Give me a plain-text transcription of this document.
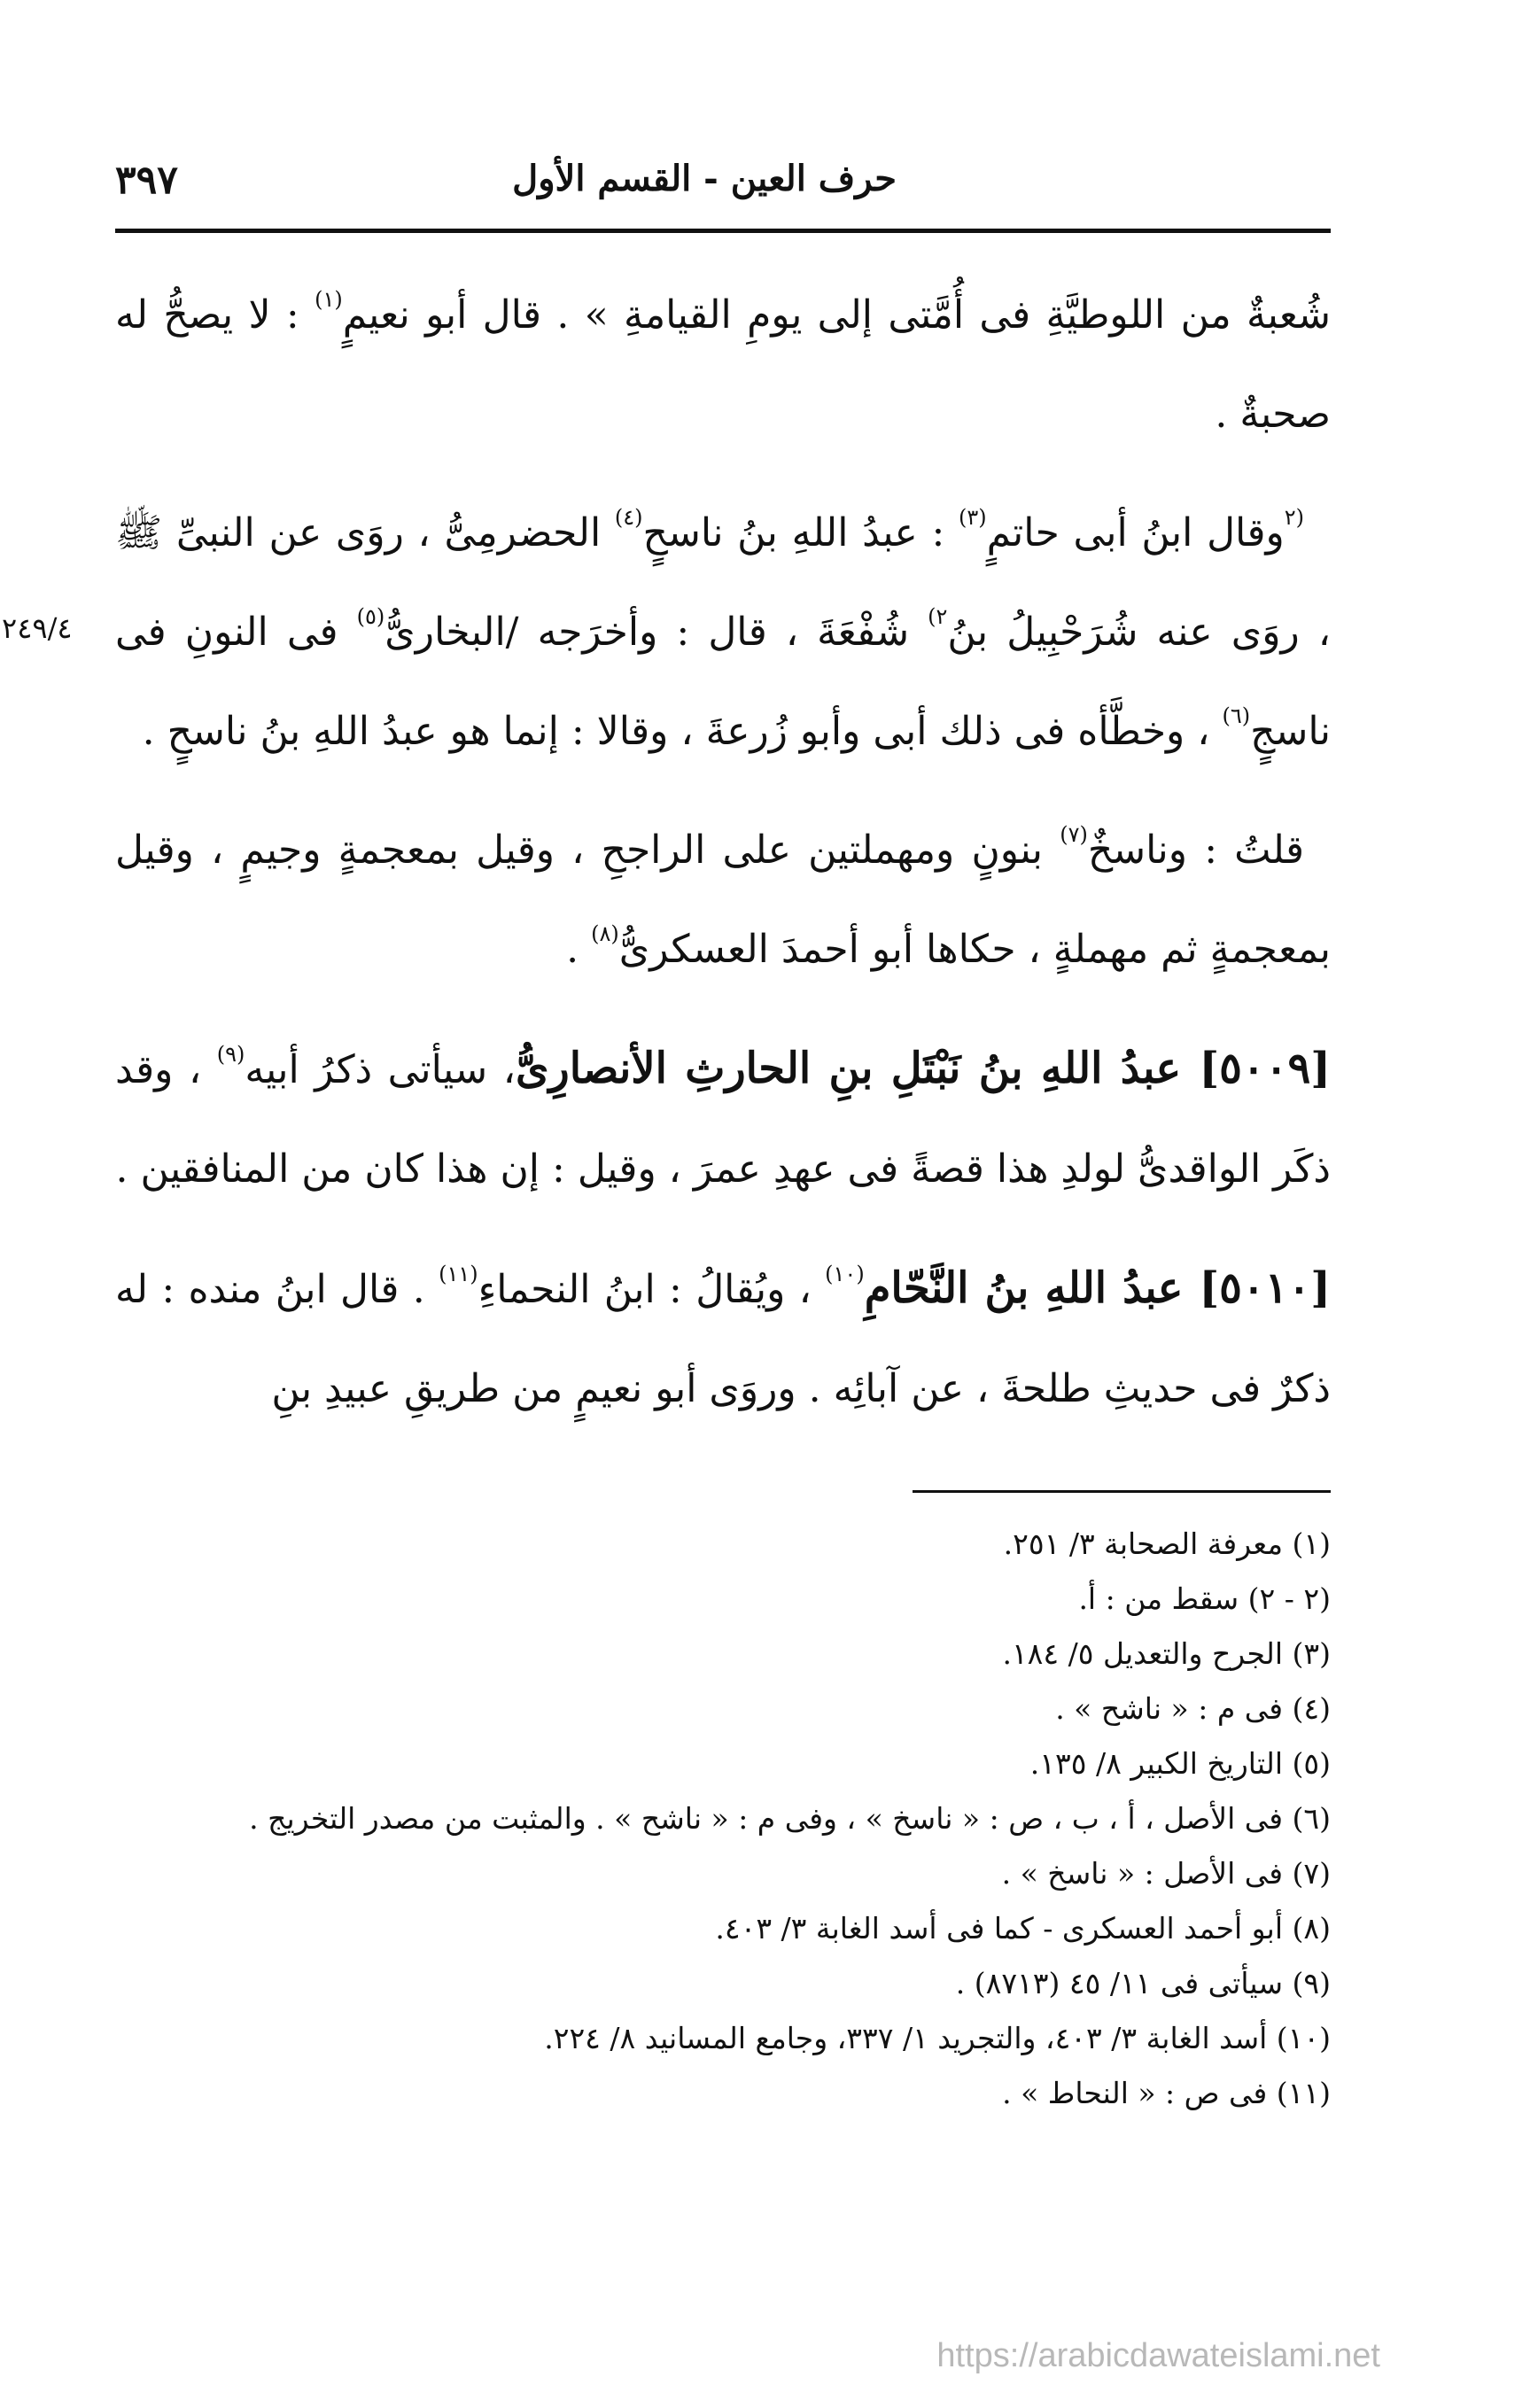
حرف العين - القسم الأول
٣٩٧
٢٤٩/٤

شُعبةٌ من اللوطيَّةِ فى أُمَّتى إلى يومِ القيامةِ » . قال أبو نعيمٍ$^{(١)}$ : لا يصحُّ له صحبةٌ .

$^{(٢}$وقال ابنُ أبى حاتمٍ$^{(٣)}$ : عبدُ اللهِ بنُ ناسحٍ$^{(٤)}$ الحضرمِىُّ ، روَى عن النبىِّ ﷺ ، روَى عنه شُرَحْبِيلُ بنُ$^{٢)}$ شُفْعَةَ ، قال : وأخرَجه /البخارىُّ$^{(٥)}$ فى النونِ فى ناسجٍ$^{(٦)}$ ، وخطَّأه فى ذلك أبى وأبو زُرعةَ ، وقالا : إنما هو عبدُ اللهِ بنُ ناسحٍ .

قلتُ : وناسخٌ$^{(٧)}$ بنونٍ ومهملتين على الراجحِ ، وقيل بمعجمةٍ وجيمٍ ، وقيل بمعجمةٍ ثم مهملةٍ ، حكاها أبو أحمدَ العسكرىُّ$^{(٨)}$ .

[٥٠٠٩] عبدُ اللهِ بنُ نَبْتَلِ بنِ الحارثِ الأنصارِىُّ، سيأتى ذكرُ أبيه$^{(٩)}$ ، وقد ذكَر الواقدىُّ لولدِ هذا قصةً فى عهدِ عمرَ ، وقيل : إن هذا كان من المنافقين .

[٥٠١٠] عبدُ اللهِ بنُ النَّحّامِ$^{(١٠)}$ ، ويُقالُ : ابنُ النحماءِ$^{(١١)}$ . قال ابنُ منده : له ذكرٌ فى حديثِ طلحةَ ، عن آبائِه . وروَى أبو نعيمٍ من طريقِ عبيدِ بنِ

(١) معرفة الصحابة ٣/ ٢٥١.
(٢ - ٢) سقط من : أ.
(٣) الجرح والتعديل ٥/ ١٨٤.
(٤) فى م : « ناشح » .
(٥) التاريخ الكبير ٨/ ١٣٥.
(٦) فى الأصل ، أ ، ب ، ص : « ناسخ » ، وفى م : « ناشح » . والمثبت من مصدر التخريج .
(٧) فى الأصل : « ناسخ » .
(٨) أبو أحمد العسكرى - كما فى أسد الغابة ٣/ ٤٠٣.
(٩) سيأتى فى ١١/ ٤٥ (٨٧١٣) .
(١٠) أسد الغابة ٣/ ٤٠٣، والتجريد ١/ ٣٣٧، وجامع المسانيد ٨/ ٢٢٤.
(١١) فى ص : « النحاط » .
https://arabicdawateislami.net
